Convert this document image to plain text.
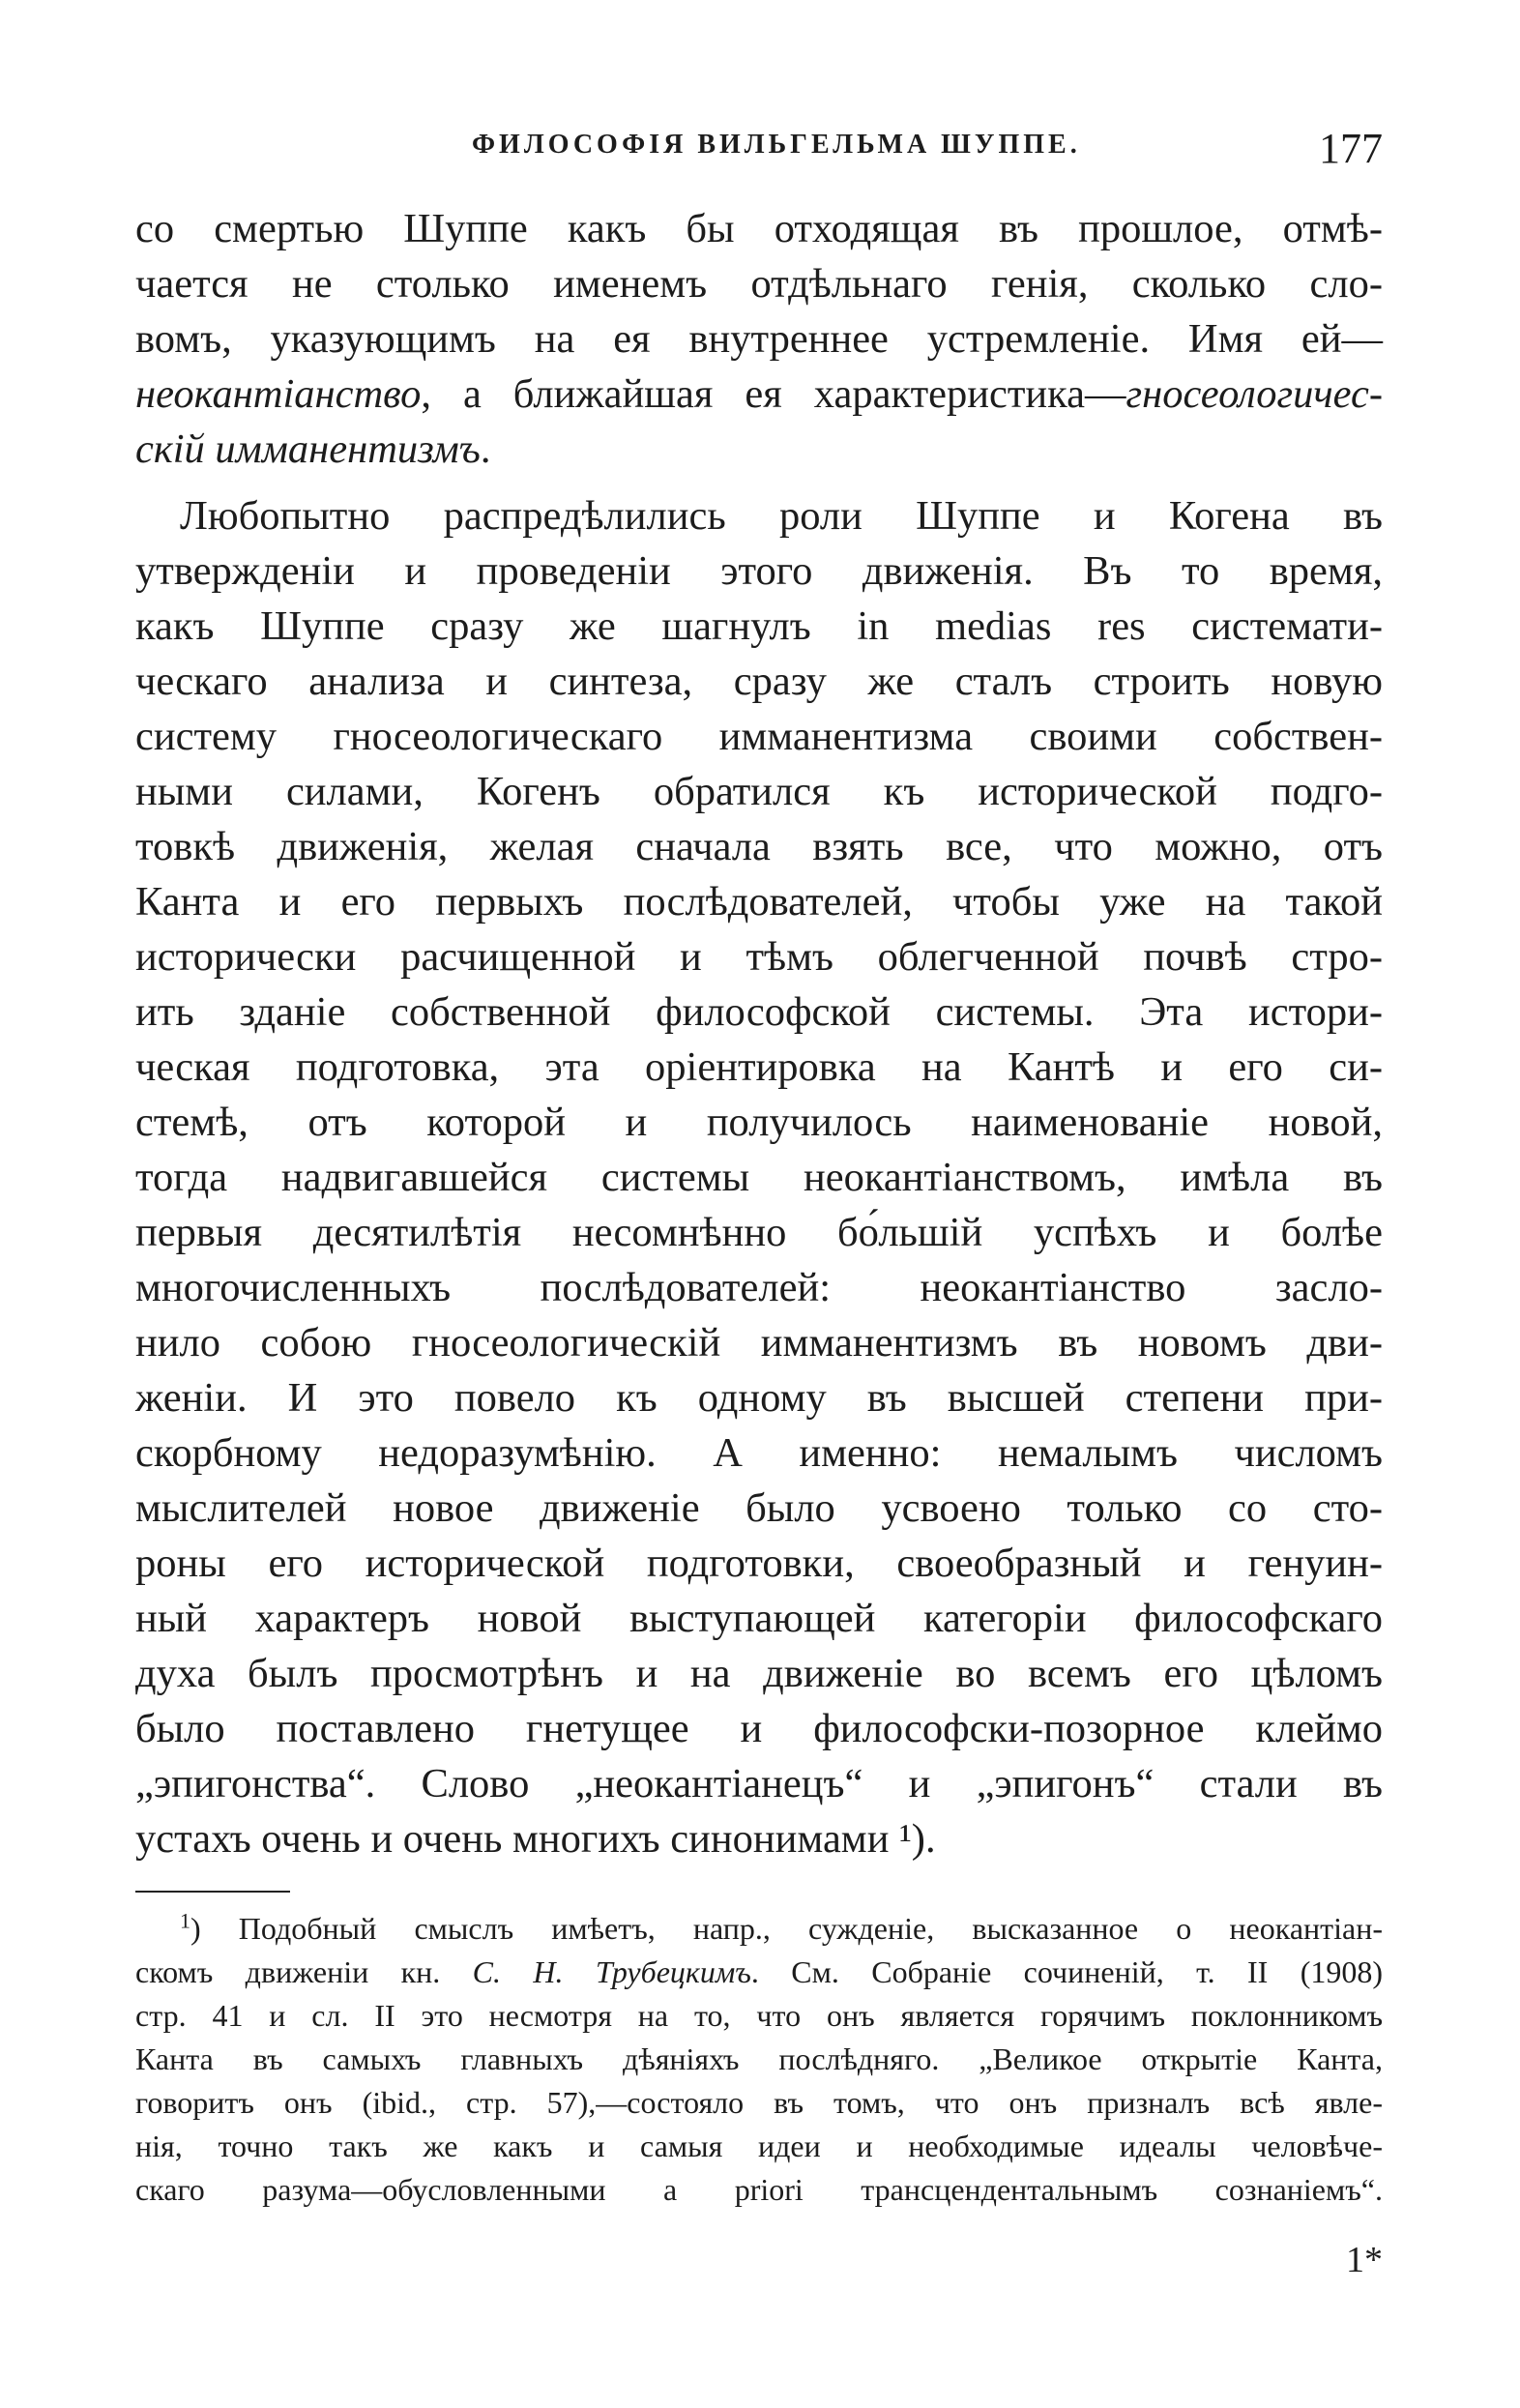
ФИЛОСОФІЯ ВИЛЬГЕЛЬМА ШУППЕ.	177
со смертью Шуппе какъ бы отходящая въ прошлое, отмѣ-
чается не столько именемъ отдѣльнаго генія, сколько сло-
вомъ, указующимъ на ея внутреннее устремленіе. Имя ей—
неокантіанство, а ближайшая ея характеристика—гносеологичес-
скій имманентизмъ.
Любопытно распредѣлились роли Шуппе и Когена въ
утвержденіи и проведеніи этого движенія. Въ то время,
какъ Шуппе сразу же шагнулъ in medias res системати-
ческаго анализа и синтеза, сразу же сталъ строить новую
систему гносеологическаго имманентизма своими собствен-
ными силами, Когенъ обратился къ исторической подго-
товкѣ движенія, желая сначала взять все, что можно, отъ
Канта и его первыхъ послѣдователей, чтобы уже на такой
исторически расчищенной и тѣмъ облегченной почвѣ стро-
ить зданіе собственной философской системы. Эта истори-
ческая подготовка, эта оріентировка на Кантѣ и его си-
стемѣ, отъ которой и получилось наименованіе новой,
тогда надвигавшейся системы неокантіанствомъ, имѣла въ
первыя десятилѣтія несомнѣнно бо́льшій успѣхъ и болѣе
многочисленныхъ послѣдователей: неокантіанство засло-
нило собою гносеологическій имманентизмъ въ новомъ дви-
женіи. И это повело къ одному въ высшей степени при-
скорбному недоразумѣнію. А именно: немалымъ числомъ
мыслителей новое движеніе было усвоено только со сто-
роны его исторической подготовки, своеобразный и генуин-
ный характеръ новой выступающей категоріи философскаго
духа былъ просмотрѣнъ и на движеніе во всемъ его цѣломъ
было поставлено гнетущее и философски-позорное клеймо
„эпигонства“. Слово „неокантіанецъ“ и „эпигонъ“ стали въ
устахъ очень и очень многихъ синонимами ¹).
$^1$) Подобный смыслъ имѣетъ, напр., сужденіе, высказанное о неокантіан-
скомъ движеніи кн. С. Н. Трубецкимъ. См. Собраніе сочиненій, т. II (1908)
стр. 41 и сл. II это несмотря на то, что онъ является горячимъ поклонникомъ
Канта въ самыхъ главныхъ дѣяніяхъ послѣдняго. „Великое открытіе Канта,
говоритъ онъ (ibid., стр. 57),—состояло въ томъ, что онъ призналъ всѣ явле-
нія, точно такъ же какъ и самыя идеи и необходимые идеалы человѣче-
скаго разума—обусловленными a priori трансцендентальнымъ сознаніемъ“.
1*
